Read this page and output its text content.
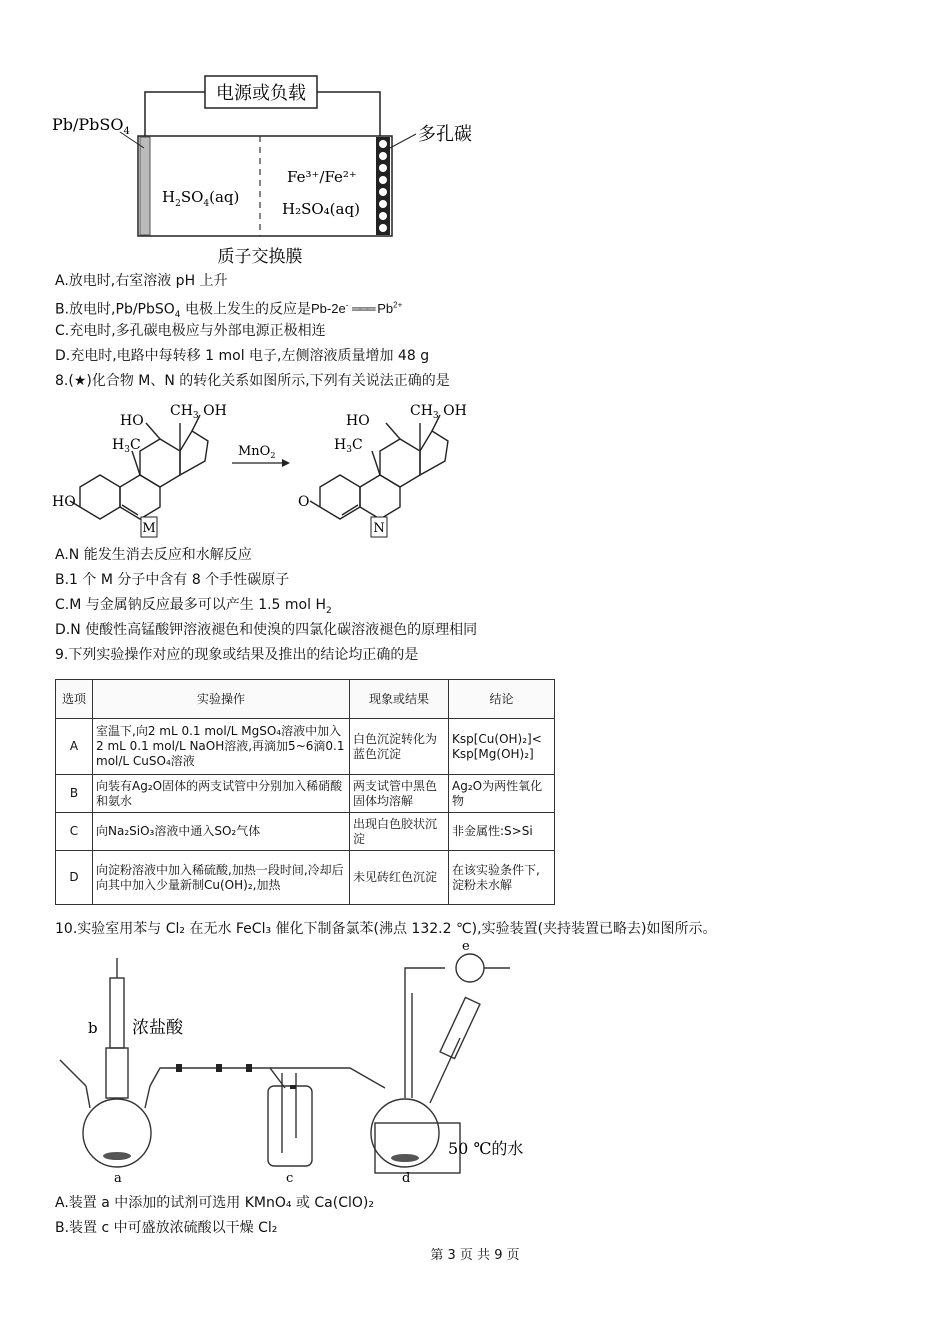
电源或负载
Pb/PbSO$_4$	多孔碳
$H_2SO_4(aq)$
Fe³⁺/Fe²⁺
H₂SO₄(aq)
质子交换膜
A.放电时,右室溶液 pH 上升
B.放电时,Pb/PbSO$_4$ 电极上发生的反应是Pb-2e- ═══ $Pb^{2+}$
C.充电时,多孔碳电极应与外部电源正极相连
D.充电时,电路中每转移 1 mol 电子,左侧溶液质量增加 48 g
8.(★)化合物 M、N 的转化关系如图所示,下列有关说法正确的是
HO
$CH_3$ OH
$H_3C$
HO
M
MnO$_2$
HO
$CH_3$ OH
$H_3C$
O
N
A.N 能发生消去反应和水解反应
B.1 个 M 分子中含有 8 个手性碳原子
C.M 与金属钠反应最多可以产生 1.5 mol $H_2$
D.N 使酸性高锰酸钾溶液褪色和使溴的四氯化碳溶液褪色的原理相同
9.下列实验操作对应的现象或结果及推出的结论均正确的是
选项	实验操作	现象或结果	结论
A	室温下,向2 mL 0.1 mol/L MgSO₄溶液中加入2 mL 0.1 mol/L NaOH溶液,再滴加5~6滴0.1 mol/L CuSO₄溶液	白色沉淀转化为蓝色沉淀	Ksp[Cu(OH)₂]< Ksp[Mg(OH)₂]
B	向装有Ag₂O固体的两支试管中分别加入稀硝酸和氨水	两支试管中黑色固体均溶解	Ag₂O为两性氧化物
C	向Na₂SiO₃溶液中通入SO₂气体	出现白色胶状沉淀	非金属性:S>Si
D	向淀粉溶液中加入稀硫酸,加热一段时间,冷却后向其中加入少量新制Cu(OH)₂,加热	未见砖红色沉淀	在该实验条件下,淀粉未水解
10.实验室用苯与 Cl₂ 在无水 FeCl₃ 催化下制备氯苯(沸点 132.2 ℃),实验装置(夹持装置已略去)如图所示。
b 浓盐酸
e
50 ℃的水
a	c	d
A.装置 a 中添加的试剂可选用 KMnO₄ 或 Ca(ClO)₂
B.装置 c 中可盛放浓硫酸以干燥 Cl₂
第 3 页 共 9 页
